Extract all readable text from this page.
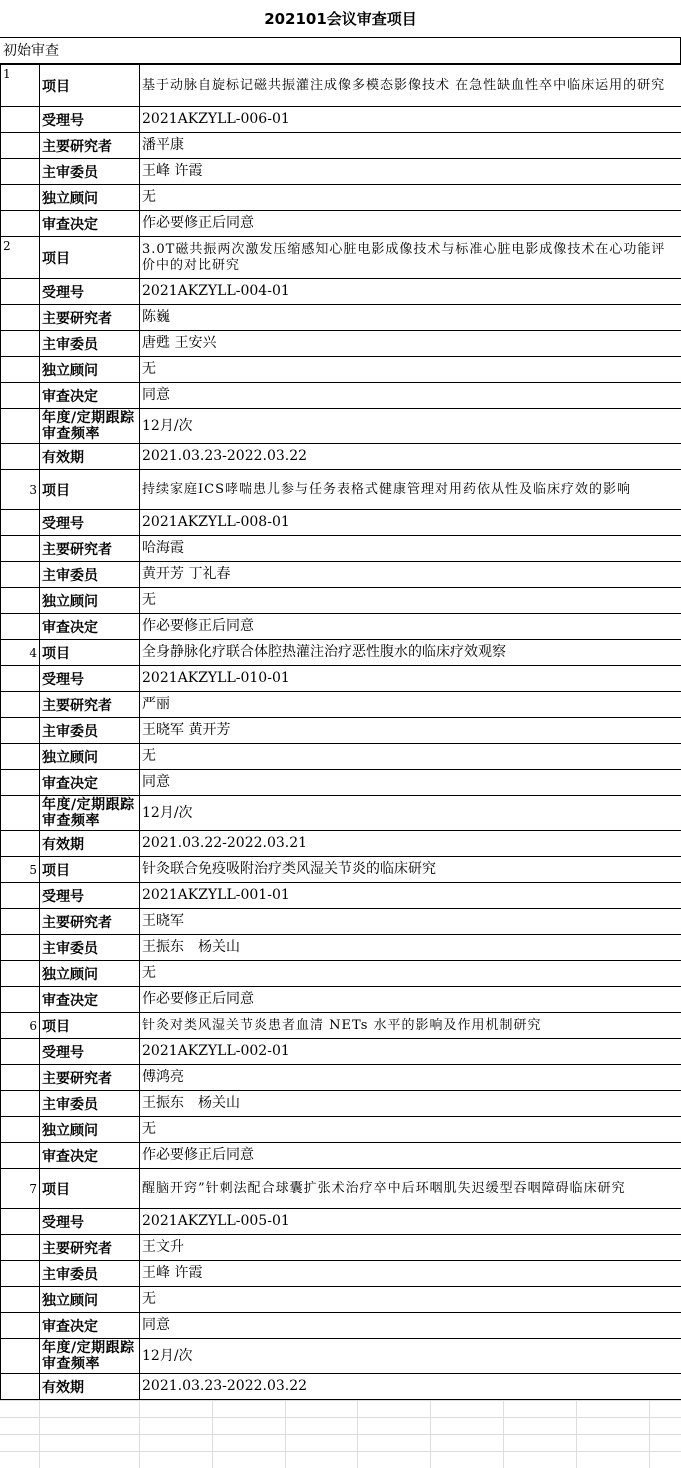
202101会议审查项目
初始审查
1	项目	基于动脉自旋标记磁共振灌注成像多模态影像技术 在急性缺血性卒中临床运用的研究
	受理号	2021AKZYLL-006-01
	主要研究者	潘平康
	主审委员	王峰 许霞
	独立顾问	无
	审查决定	作必要修正后同意
2	项目	3.0T磁共振两次激发压缩感知心脏电影成像技术与标准心脏电影成像技术在心功能评价中的对比研究
	受理号	2021AKZYLL-004-01
	主要研究者	陈巍
	主审委员	唐甦 王安兴
	独立顾问	无
	审查决定	同意
	年度/定期跟踪审查频率	12月/次
	有效期	2021.03.23-2022.03.22
3	项目	持续家庭ICS哮喘患儿参与任务表格式健康管理对用药依从性及临床疗效的影响
	受理号	2021AKZYLL-008-01
	主要研究者	哈海霞
	主审委员	黄开芳 丁礼春
	独立顾问	无
	审查决定	作必要修正后同意
4	项目	全身静脉化疗联合体腔热灌注治疗恶性腹水的临床疗效观察
	受理号	2021AKZYLL-010-01
	主要研究者	严丽
	主审委员	王晓军 黄开芳
	独立顾问	无
	审查决定	同意
	年度/定期跟踪审查频率	12月/次
	有效期	2021.03.22-2022.03.21
5	项目	针灸联合免疫吸附治疗类风湿关节炎的临床研究
	受理号	2021AKZYLL-001-01
	主要研究者	王晓军
	主审委员	王振东　杨关山
	独立顾问	无
	审查决定	作必要修正后同意
6	项目	针灸对类风湿关节炎患者血清 NETs 水平的影响及作用机制研究
	受理号	2021AKZYLL-002-01
	主要研究者	傅鸿亮
	主审委员	王振东　杨关山
	独立顾问	无
	审查决定	作必要修正后同意
7	项目	醒脑开窍”针刺法配合球囊扩张术治疗卒中后环咽肌失迟缓型吞咽障碍临床研究
	受理号	2021AKZYLL-005-01
	主要研究者	王文升
	主审委员	王峰 许霞
	独立顾问	无
	审查决定	同意
	年度/定期跟踪审查频率	12月/次
	有效期	2021.03.23-2022.03.22
